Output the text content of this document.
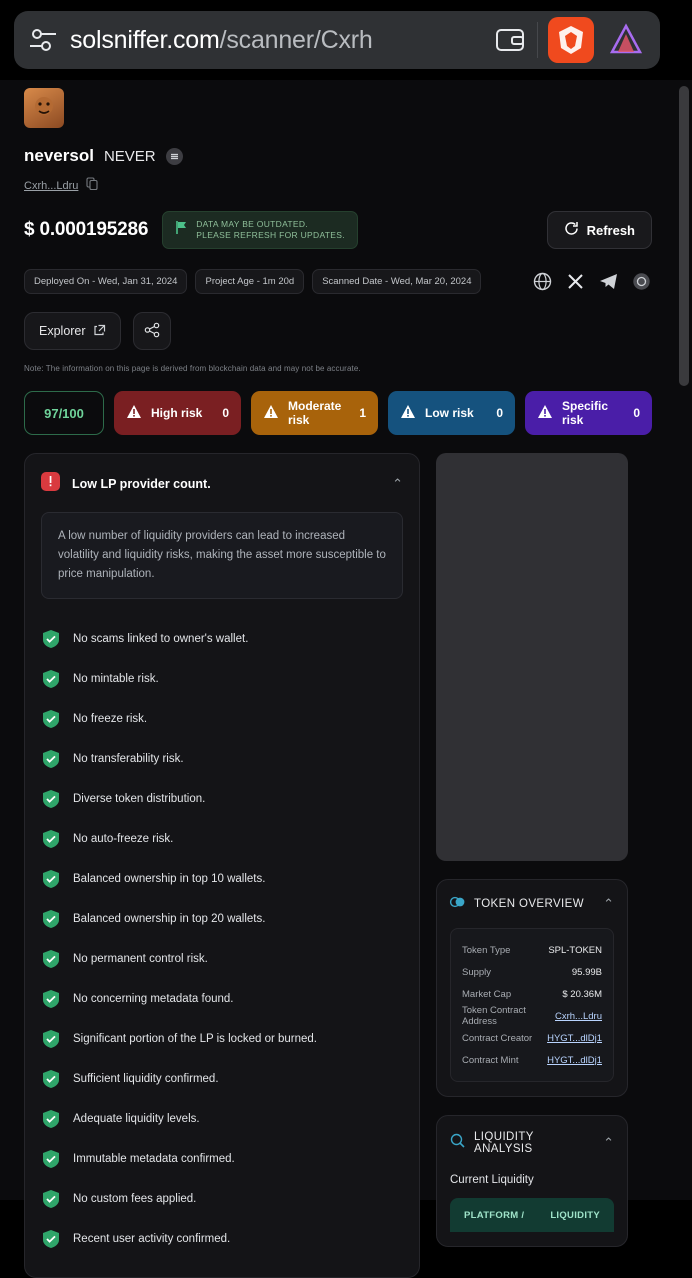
solsniffer.com/scanner/Cxrh
neversol NEVER
Cxrh...Ldru
$ 0.000195286	DATA MAY BE OUTDATED.
PLEASE REFRESH FOR UPDATES.	Refresh
Deployed On - Wed, Jan 31, 2024	Project Age - 1m 20d	Scanned Date - Wed, Mar 20, 2024
Explorer
Note: The information on this page is derived from blockchain data and may not be accurate.
97/100	High risk 0	Moderate risk	1	Low risk 0	Specific risk	0
Low LP provider count.	⌃
A low number of liquidity providers can lead to increased volatility and liquidity risks, making the asset more susceptible to price manipulation.
No scams linked to owner's wallet.
No mintable risk.
No freeze risk.
No transferability risk.
Diverse token distribution.
No auto-freeze risk.
Balanced ownership in top 10 wallets.
Balanced ownership in top 20 wallets.
No permanent control risk.
No concerning metadata found.
Significant portion of the LP is locked or burned.
Sufficient liquidity confirmed.
Adequate liquidity levels.
Immutable metadata confirmed.
No custom fees applied.
Recent user activity confirmed.
TOKEN OVERVIEW ⌃
Token Type	SPL-TOKEN
Supply	95.99B
Market Cap	$ 20.36M
Token Contract Address	Cxrh...Ldru
Contract Creator HYGT...dlDj1
Contract Mint	HYGT...dlDj1
LIQUIDITY ANALYSIS	⌃
Current Liquidity
PLATFORM /	LIQUIDITY
